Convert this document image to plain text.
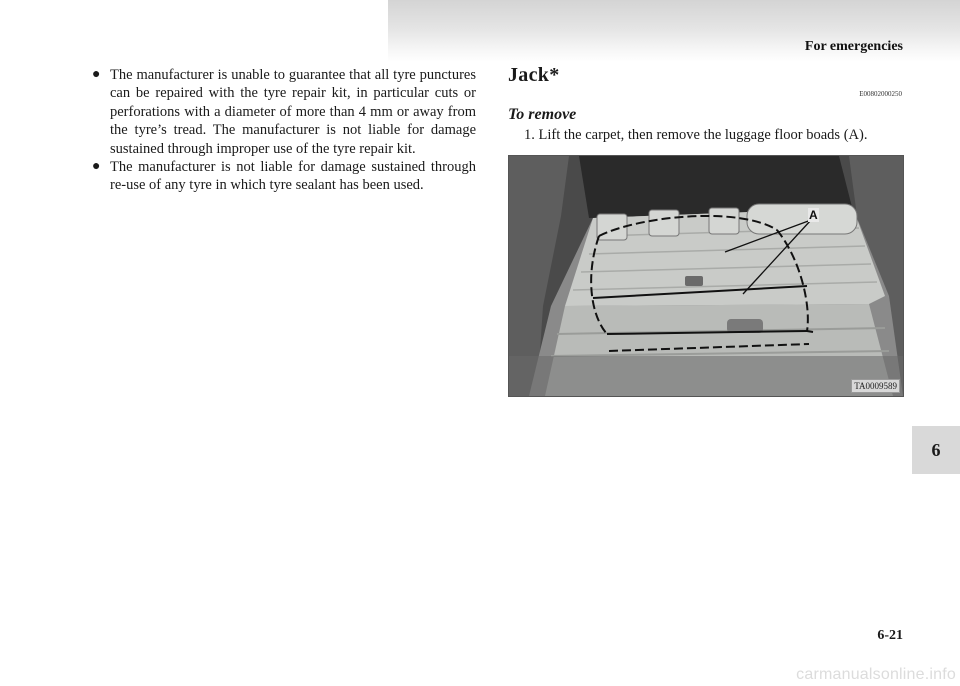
For emergencies
● The manufacturer is unable to guarantee that all tyre punctures can be repaired with the tyre repair kit, in particular cuts or perforations with a diameter of more than 4 mm or away from the tyre’s tread. The manufacturer is not liable for damage sustained through improper use of the tyre repair kit.
● The manufacturer is not liable for damage sustained through re-use of any tyre in which tyre sealant has been used.
Jack*
E00802000250
To remove
1. Lift the carpet, then remove the luggage floor boads (A).
A
TA0009589
6
6-21
carmanualsonline.info
